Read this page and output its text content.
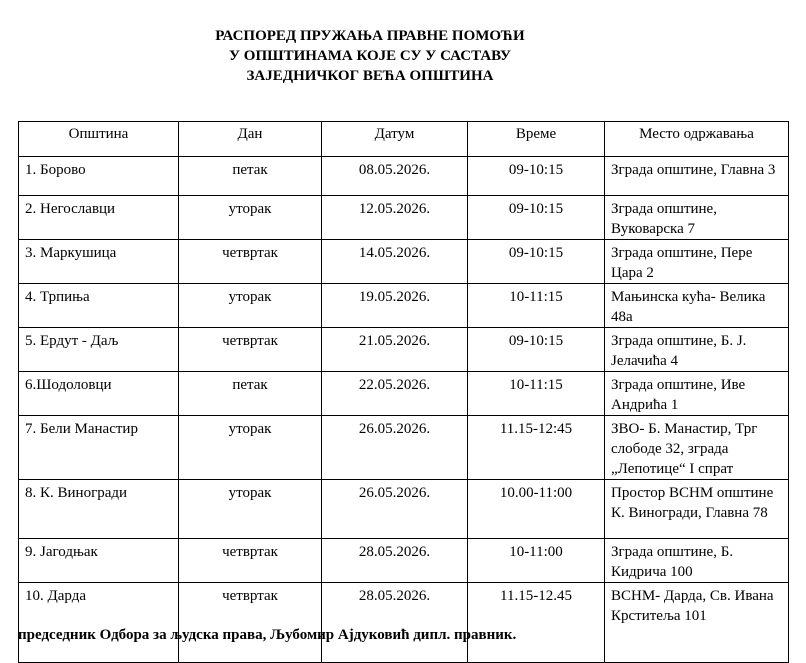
РАСПОРЕД ПРУЖАЊА ПРАВНЕ ПОМОЋИ
У ОПШТИНАМА КОЈЕ СУ У САСТАВУ
ЗАЈЕДНИЧКОГ ВЕЋА ОПШТИНА
Општина	Дан	Датум	Време	Место одржавања
1. Борово	петак	08.05.2026.	09-10:15	Зграда општине, Главна 3
2. Негославци	уторак	12.05.2026.	09-10:15	Зграда општине, Вуковарска 7
3. Маркушица	четвртак	14.05.2026.	09-10:15	Зграда општине, Пере Цара 2
4. Трпиња	уторак	19.05.2026.	10-11:15	Мањинска кућа- Велика 48а
5. Ердут - Даљ	четвртак	21.05.2026.	09-10:15	Зграда општине, Б. Ј. Јелачића 4
6.Шодоловци	петак	22.05.2026.	10-11:15	Зграда општине, Иве Андрића 1
7. Бели Манастир	уторак	26.05.2026.	11.15-12:45	ЗВО- Б. Манастир, Трг слободе 32, зграда „Лепотице“ I спрат
8. К. Виногради	уторак	26.05.2026.	10.00-11:00	Простор ВСНМ општине К. Виногради, Главна 78
9. Јагодњак	четвртак	28.05.2026.	10-11:00	Зграда општине, Б. Кидрича 100
10. Дарда	четвртак	28.05.2026.	11.15-12.45	ВСНМ- Дарда, Св. Ивана Крститеља 101
председник Одбора за људска права, Љубомир Ајдуковић дипл. правник.
